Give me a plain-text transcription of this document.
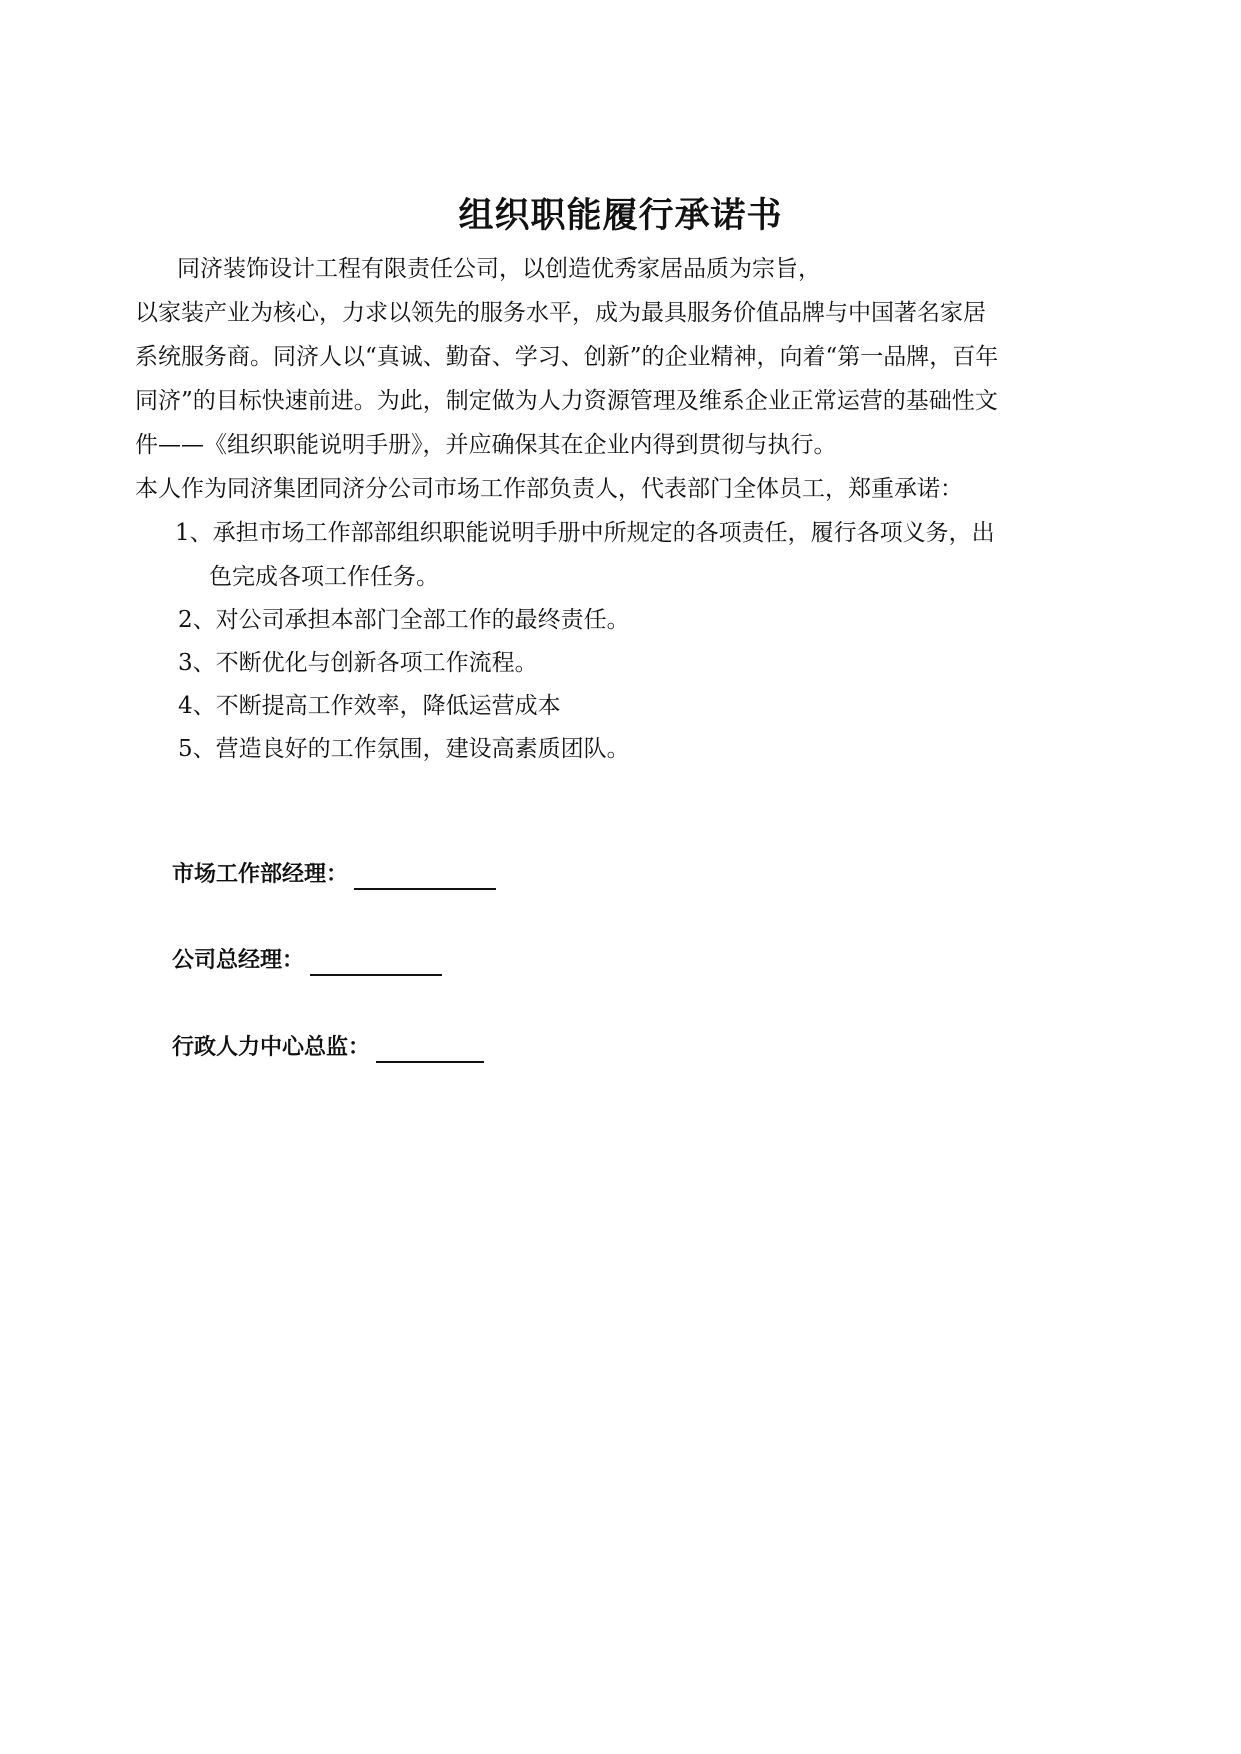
组织职能履行承诺书
同济装饰设计工程有限责任公司，以创造优秀家居品质为宗旨，
以家装产业为核心，力求以领先的服务水平，成为最具服务价值品牌与中国著名家居
系统服务商。同济人以“真诚、勤奋、学习、创新”的企业精神，向着“第一品牌，百年
同济”的目标快速前进。为此，制定做为人力资源管理及维系企业正常运营的基础性文
件——《组织职能说明手册》，并应确保其在企业内得到贯彻与执行。
本人作为同济集团同济分公司市场工作部负责人，代表部门全体员工，郑重承诺：
1、承担市场工作部部组织职能说明手册中所规定的各项责任，履行各项义务，出
色完成各项工作任务。
2、对公司承担本部门全部工作的最终责任。
3、不断优化与创新各项工作流程。
4、不断提高工作效率，降低运营成本
5、营造良好的工作氛围，建设高素质团队。
市场工作部经理：
公司总经理：
行政人力中心总监：
